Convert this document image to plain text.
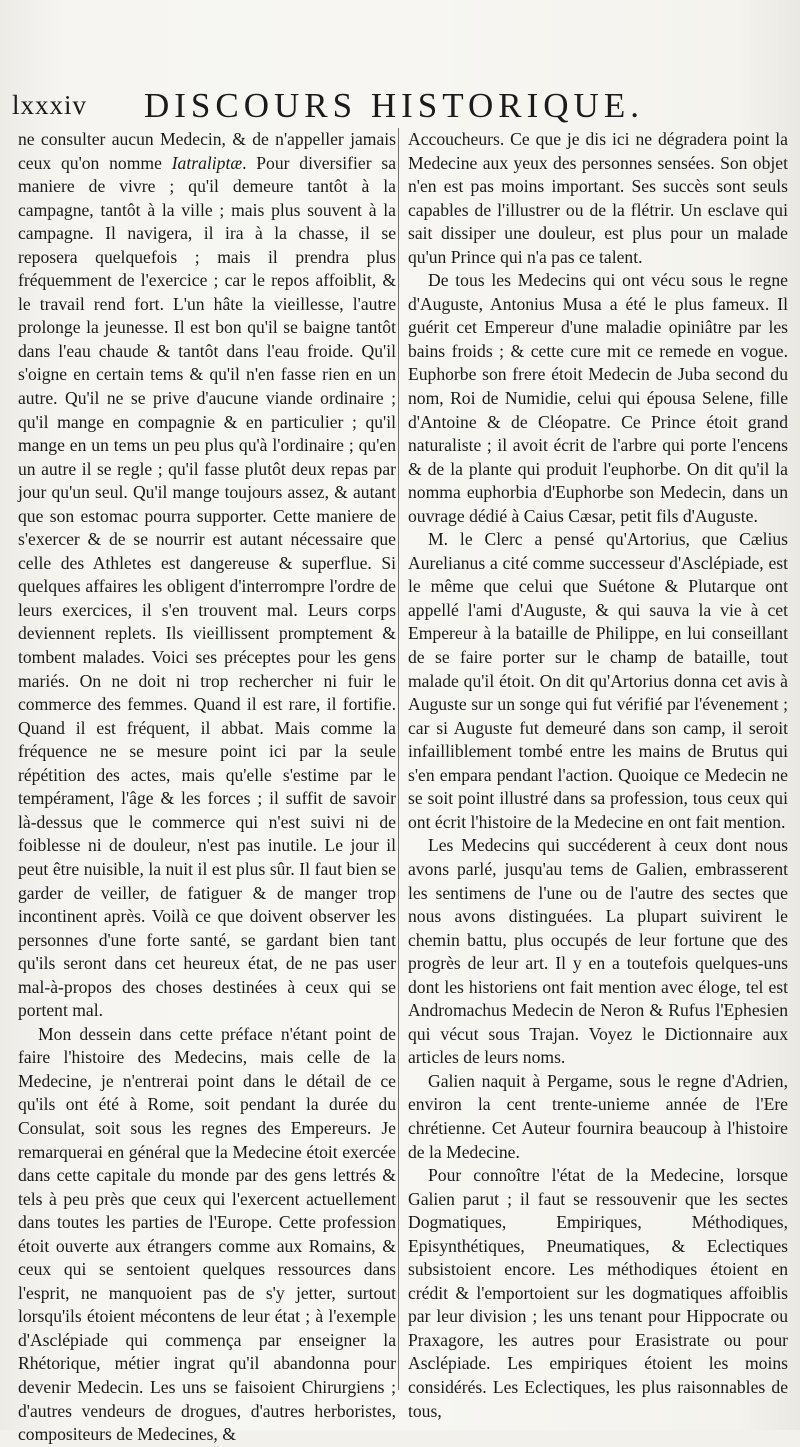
lxxxiv DISCOURS HISTORIQUE.

ne consulter aucun Medecin, & de n'appeller jamais ceux qu'on nomme Iatraliptæ. Pour diversifier sa maniere de vivre ; qu'il demeure tantôt à la campagne, tantôt à la ville ; mais plus souvent à la campagne. Il navigera, il ira à la chasse, il se reposera quelquefois ; mais il prendra plus fréquemment de l'exercice ; car le repos affoiblit, & le travail rend fort. L'un hâte la vieillesse, l'autre prolonge la jeunesse. Il est bon qu'il se baigne tantôt dans l'eau chaude & tantôt dans l'eau froide. Qu'il s'oigne en certain tems & qu'il n'en fasse rien en un autre. Qu'il ne se prive d'aucune viande ordinaire ; qu'il mange en compagnie & en particulier ; qu'il mange en un tems un peu plus qu'à l'ordinaire ; qu'en un autre il se regle ; qu'il fasse plutôt deux repas par jour qu'un seul. Qu'il mange toujours assez, & autant que son estomac pourra supporter. Cette maniere de s'exercer & de se nourrir est autant nécessaire que celle des Athletes est dangereuse & superflue. Si quelques affaires les obligent d'interrompre l'ordre de leurs exercices, il s'en trouvent mal. Leurs corps deviennent replets. Ils vieillissent promptement & tombent malades. Voici ses préceptes pour les gens mariés. On ne doit ni trop rechercher ni fuir le commerce des femmes. Quand il est rare, il fortifie. Quand il est fréquent, il abbat. Mais comme la fréquence ne se mesure point ici par la seule répétition des actes, mais qu'elle s'estime par le tempérament, l'âge & les forces ; il suffit de savoir là-dessus que le commerce qui n'est suivi ni de foiblesse ni de douleur, n'est pas inutile. Le jour il peut être nuisible, la nuit il est plus sûr. Il faut bien se garder de veiller, de fatiguer & de manger trop incontinent après. Voilà ce que doivent observer les personnes d'une forte santé, se gardant bien tant qu'ils seront dans cet heureux état, de ne pas user mal-à-propos des choses destinées à ceux qui se portent mal.

Mon dessein dans cette préface n'étant point de faire l'histoire des Medecins, mais celle de la Medecine, je n'entrerai point dans le détail de ce qu'ils ont été à Rome, soit pendant la durée du Consulat, soit sous les regnes des Empereurs. Je remarquerai en général que la Medecine étoit exercée dans cette capitale du monde par des gens lettrés & tels à peu près que ceux qui l'exercent actuellement dans toutes les parties de l'Europe. Cette profession étoit ouverte aux étrangers comme aux Romains, & ceux qui se sentoient quelques ressources dans l'esprit, ne manquoient pas de s'y jetter, surtout lorsqu'ils étoient mécontens de leur état ; à l'exemple d'Asclépiade qui commença par enseigner la Rhétorique, métier ingrat qu'il abandonna pour devenir Medecin. Les uns se faisoient Chirurgiens ; d'autres vendeurs de drogues, d'autres herboristes, compositeurs de Medecines, &

Accoucheurs. Ce que je dis ici ne dégradera point la Medecine aux yeux des personnes sensées. Son objet n'en est pas moins important. Ses succès sont seuls capables de l'illustrer ou de la flétrir. Un esclave qui sait dissiper une douleur, est plus pour un malade qu'un Prince qui n'a pas ce talent.

De tous les Medecins qui ont vécu sous le regne d'Auguste, Antonius Musa a été le plus fameux. Il guérit cet Empereur d'une maladie opiniâtre par les bains froids ; & cette cure mit ce remede en vogue. Euphorbe son frere étoit Medecin de Juba second du nom, Roi de Numidie, celui qui épousa Selene, fille d'Antoine & de Cléopatre. Ce Prince étoit grand naturaliste ; il avoit écrit de l'arbre qui porte l'encens & de la plante qui produit l'euphorbe. On dit qu'il la nomma euphorbia d'Euphorbe son Medecin, dans un ouvrage dédié à Caius Cæsar, petit fils d'Auguste.

M. le Clerc a pensé qu'Artorius, que Cælius Aurelianus a cité comme successeur d'Asclépiade, est le même que celui que Suétone & Plutarque ont appellé l'ami d'Auguste, & qui sauva la vie à cet Empereur à la bataille de Philippe, en lui conseillant de se faire porter sur le champ de bataille, tout malade qu'il étoit. On dit qu'Artorius donna cet avis à Auguste sur un songe qui fut vérifié par l'évenement ; car si Auguste fut demeuré dans son camp, il seroit infailliblement tombé entre les mains de Brutus qui s'en empara pendant l'action. Quoique ce Medecin ne se soit point illustré dans sa profession, tous ceux qui ont écrit l'histoire de la Medecine en ont fait mention.

Les Medecins qui succéderent à ceux dont nous avons parlé, jusqu'au tems de Galien, embrasserent les sentimens de l'une ou de l'autre des sectes que nous avons distinguées. La plupart suivirent le chemin battu, plus occupés de leur fortune que des progrès de leur art. Il y en a toutefois quelques-uns dont les historiens ont fait mention avec éloge, tel est Andromachus Medecin de Neron & Rufus l'Ephesien qui vécut sous Trajan. Voyez le Dictionnaire aux articles de leurs noms.

Galien naquit à Pergame, sous le regne d'Adrien, environ la cent trente-unieme année de l'Ere chrétienne. Cet Auteur fournira beaucoup à l'histoire de la Medecine.

Pour connoître l'état de la Medecine, lorsque Galien parut ; il faut se ressouvenir que les sectes Dogmatiques, Empiriques, Méthodiques, Episynthétiques, Pneumatiques, & Eclectiques subsistoient encore. Les méthodiques étoient en crédit & l'emportoient sur les dogmatiques affoiblis par leur division ; les uns tenant pour Hippocrate ou Praxagore, les autres pour Erasistrate ou pour Asclépiade. Les empiriques étoient les moins considérés. Les Eclectiques, les plus raisonnables de tous,
